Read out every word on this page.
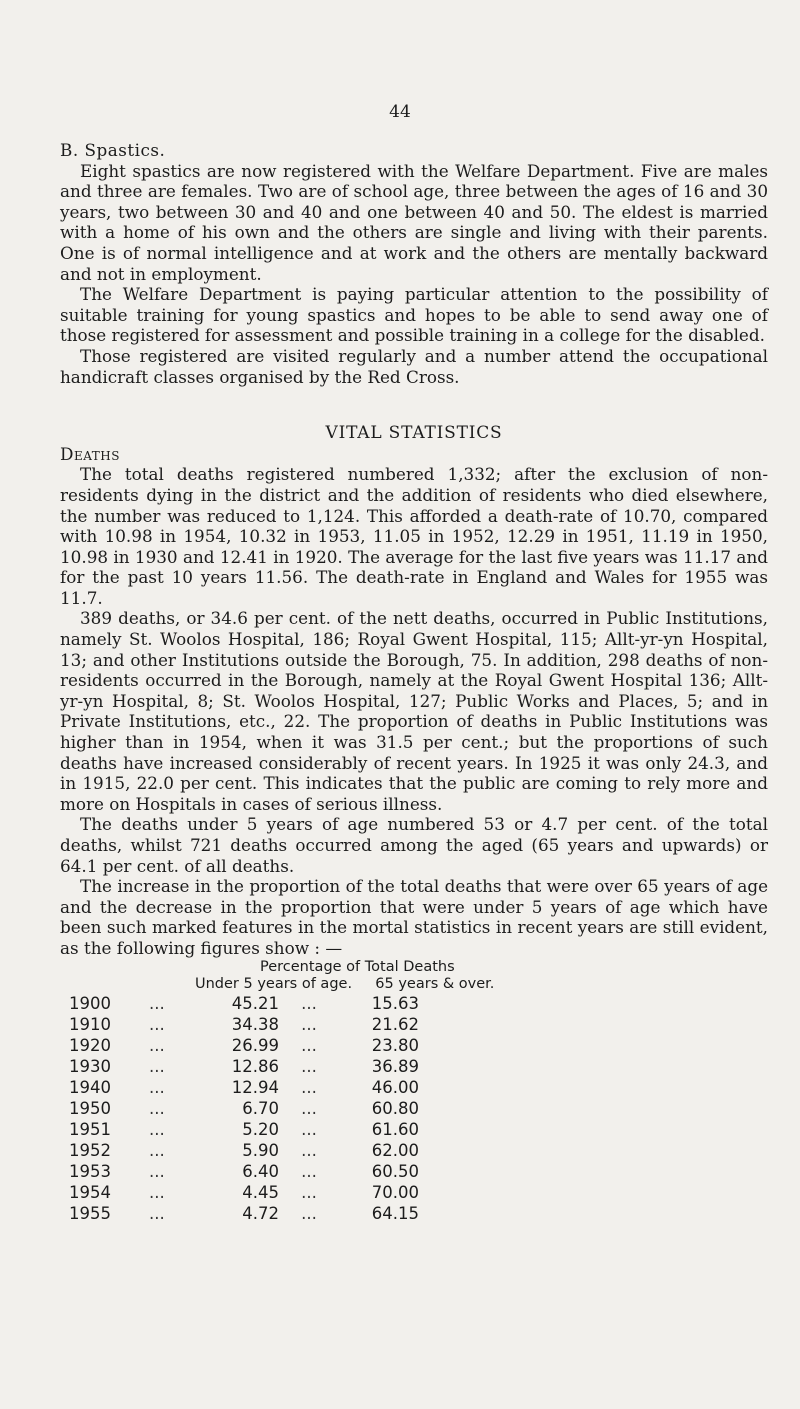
44

B. Spastics.

Eight spastics are now registered with the Welfare Department. Five are males and three are females. Two are of school age, three between the ages of 16 and 30 years, two between 30 and 40 and one between 40 and 50. The eldest is married with a home of his own and the others are single and living with their parents. One is of normal intelligence and at work and the others are mentally backward and not in employment.

The Welfare Department is paying particular attention to the possibility of suitable training for young spastics and hopes to be able to send away one of those registered for assessment and possible training in a college for the disabled.

Those registered are visited regularly and a number attend the occupational handicraft classes organised by the Red Cross.

VITAL STATISTICS

Deaths

The total deaths registered numbered 1,332; after the exclusion of non-residents dying in the district and the addition of residents who died elsewhere, the number was reduced to 1,124. This afforded a death-rate of 10.70, compared with 10.98 in 1954, 10.32 in 1953, 11.05 in 1952, 12.29 in 1951, 11.19 in 1950, 10.98 in 1930 and 12.41 in 1920. The average for the last five years was 11.17 and for the past 10 years 11.56. The death-rate in England and Wales for 1955 was 11.7.

389 deaths, or 34.6 per cent. of the nett deaths, occurred in Public Institutions, namely St. Woolos Hospital, 186; Royal Gwent Hospital, 115; Allt-yr-yn Hospital, 13; and other Institutions outside the Borough, 75. In addition, 298 deaths of non-residents occurred in the Borough, namely at the Royal Gwent Hospital 136; Allt-yr-yn Hospital, 8; St. Woolos Hospital, 127; Public Works and Places, 5; and in Private Institutions, etc., 22. The proportion of deaths in Public Institutions was higher than in 1954, when it was 31.5 per cent.; but the proportions of such deaths have increased considerably of recent years. In 1925 it was only 24.3, and in 1915, 22.0 per cent. This indicates that the public are coming to rely more and more on Hospitals in cases of serious illness.

The deaths under 5 years of age numbered 53 or 4.7 per cent. of the total deaths, whilst 721 deaths occurred among the aged (65 years and upwards) or 64.1 per cent. of all deaths.

The increase in the proportion of the total deaths that were over 65 years of age and the decrease in the proportion that were under 5 years of age which have been such marked features in the mortal statistics in recent years are still evident, as the following figures show : —

Percentage of Total Deaths
Under 5 years of age. 65 years & over.
1900	...	45.21	...	15.63
1910	...	34.38	...	21.62
1920	...	26.99	...	23.80
1930	...	12.86	...	36.89
1940	...	12.94	...	46.00
1950	...	6.70	...	60.80
1951	...	5.20	...	61.60
1952	...	5.90	...	62.00
1953	...	6.40	...	60.50
1954	...	4.45	...	70.00
1955	...	4.72	...	64.15
